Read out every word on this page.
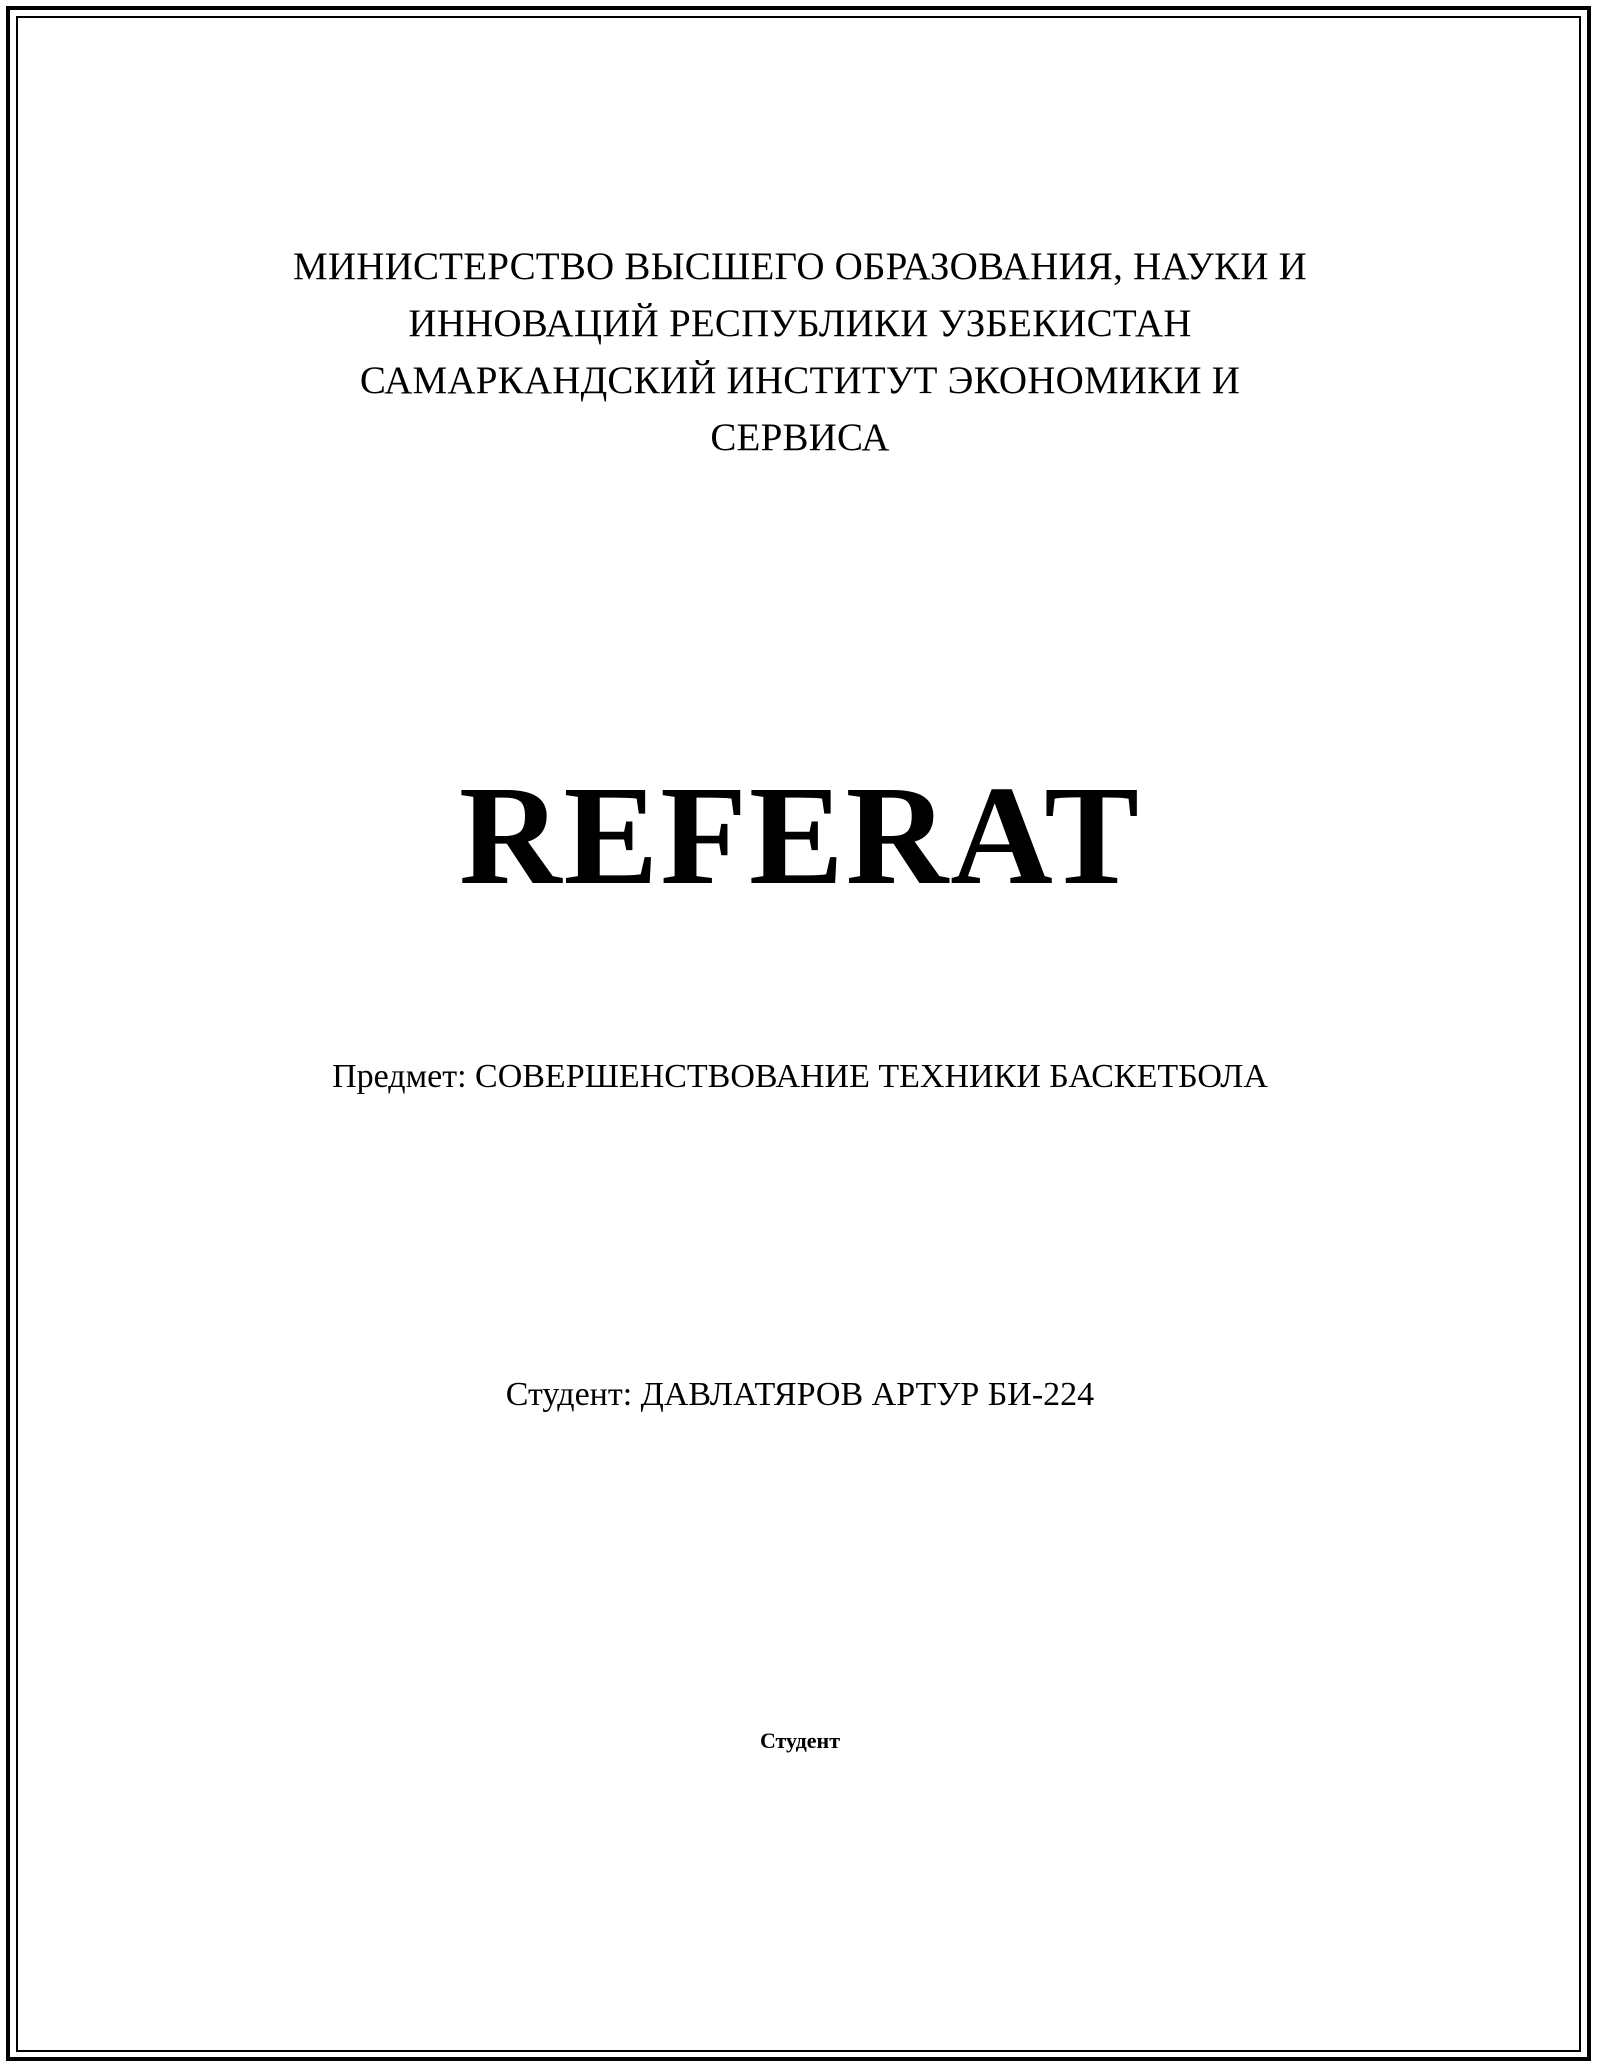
МИНИСТЕРСТВО ВЫСШЕГО ОБРАЗОВАНИЯ, НАУКИ И
ИННОВАЦИЙ РЕСПУБЛИКИ УЗБЕКИСТАН
САМАРКАНДСКИЙ ИНСТИТУТ ЭКОНОМИКИ И
СЕРВИСА
REFERAT
Предмет: СОВЕРШЕНСТВОВАНИЕ ТЕХНИКИ БАСКЕТБОЛА
Студент: ДАВЛАТЯРОВ АРТУР БИ-224
Студент
